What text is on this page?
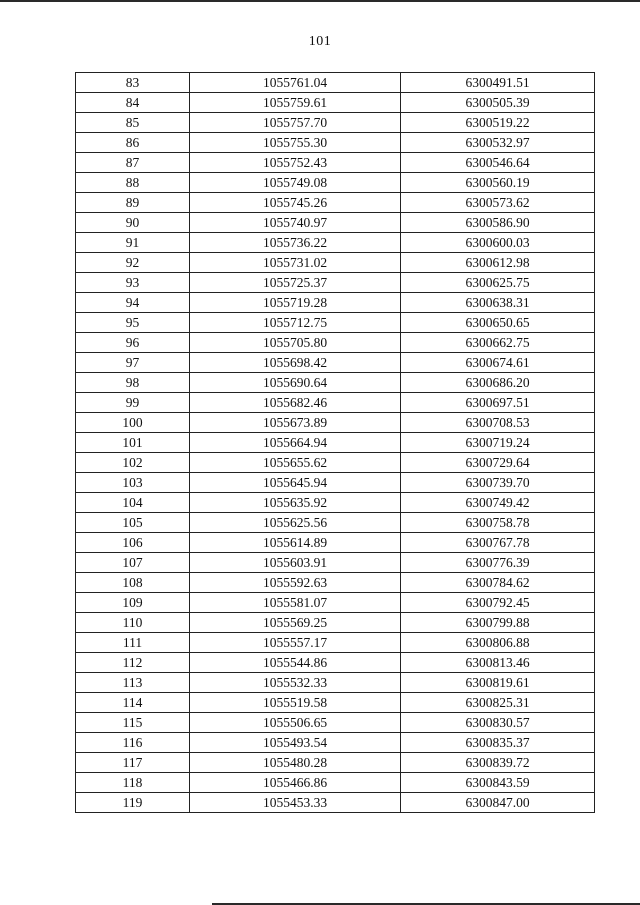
101
83	1055761.04	6300491.51
84	1055759.61	6300505.39
85	1055757.70	6300519.22
86	1055755.30	6300532.97
87	1055752.43	6300546.64
88	1055749.08	6300560.19
89	1055745.26	6300573.62
90	1055740.97	6300586.90
91	1055736.22	6300600.03
92	1055731.02	6300612.98
93	1055725.37	6300625.75
94	1055719.28	6300638.31
95	1055712.75	6300650.65
96	1055705.80	6300662.75
97	1055698.42	6300674.61
98	1055690.64	6300686.20
99	1055682.46	6300697.51
100	1055673.89	6300708.53
101	1055664.94	6300719.24
102	1055655.62	6300729.64
103	1055645.94	6300739.70
104	1055635.92	6300749.42
105	1055625.56	6300758.78
106	1055614.89	6300767.78
107	1055603.91	6300776.39
108	1055592.63	6300784.62
109	1055581.07	6300792.45
110	1055569.25	6300799.88
111	1055557.17	6300806.88
112	1055544.86	6300813.46
113	1055532.33	6300819.61
114	1055519.58	6300825.31
115	1055506.65	6300830.57
116	1055493.54	6300835.37
117	1055480.28	6300839.72
118	1055466.86	6300843.59
119	1055453.33	6300847.00
